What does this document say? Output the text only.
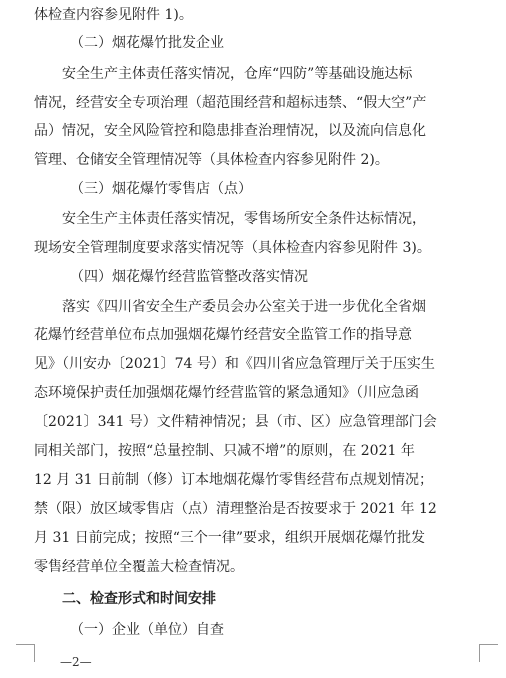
体检查内容参见附件 1)。
（二）烟花爆竹批发企业
安全生产主体责任落实情况，仓库“四防”等基础设施达标
情况，经营安全专项治理（超范围经营和超标违禁、“假大空”产
品）情况，安全风险管控和隐患排查治理情况，以及流向信息化
管理、仓储安全管理情况等（具体检查内容参见附件 2)。
（三）烟花爆竹零售店（点）
安全生产主体责任落实情况，零售场所安全条件达标情况，
现场安全管理制度要求落实情况等（具体检查内容参见附件 3)。
（四）烟花爆竹经营监管整改落实情况
落实《四川省安全生产委员会办公室关于进一步优化全省烟
花爆竹经营单位布点加强烟花爆竹经营安全监管工作的指导意
见》（川安办〔2021〕74 号）和《四川省应急管理厅关于压实生
态环境保护责任加强烟花爆竹经营监管的紧急通知》（川应急函
〔2021〕341 号）文件精神情况；县（市、区）应急管理部门会
同相关部门，按照“总量控制、只减不增”的原则，在 2021 年
12 月 31 日前制（修）订本地烟花爆竹零售经营布点规划情况；
禁（限）放区域零售店（点）清理整治是否按要求于 2021 年 12
月 31 日前完成；按照“三个一律”要求，组织开展烟花爆竹批发
零售经营单位全覆盖大检查情况。
二、检查形式和时间安排
（一）企业（单位）自查
—2—
